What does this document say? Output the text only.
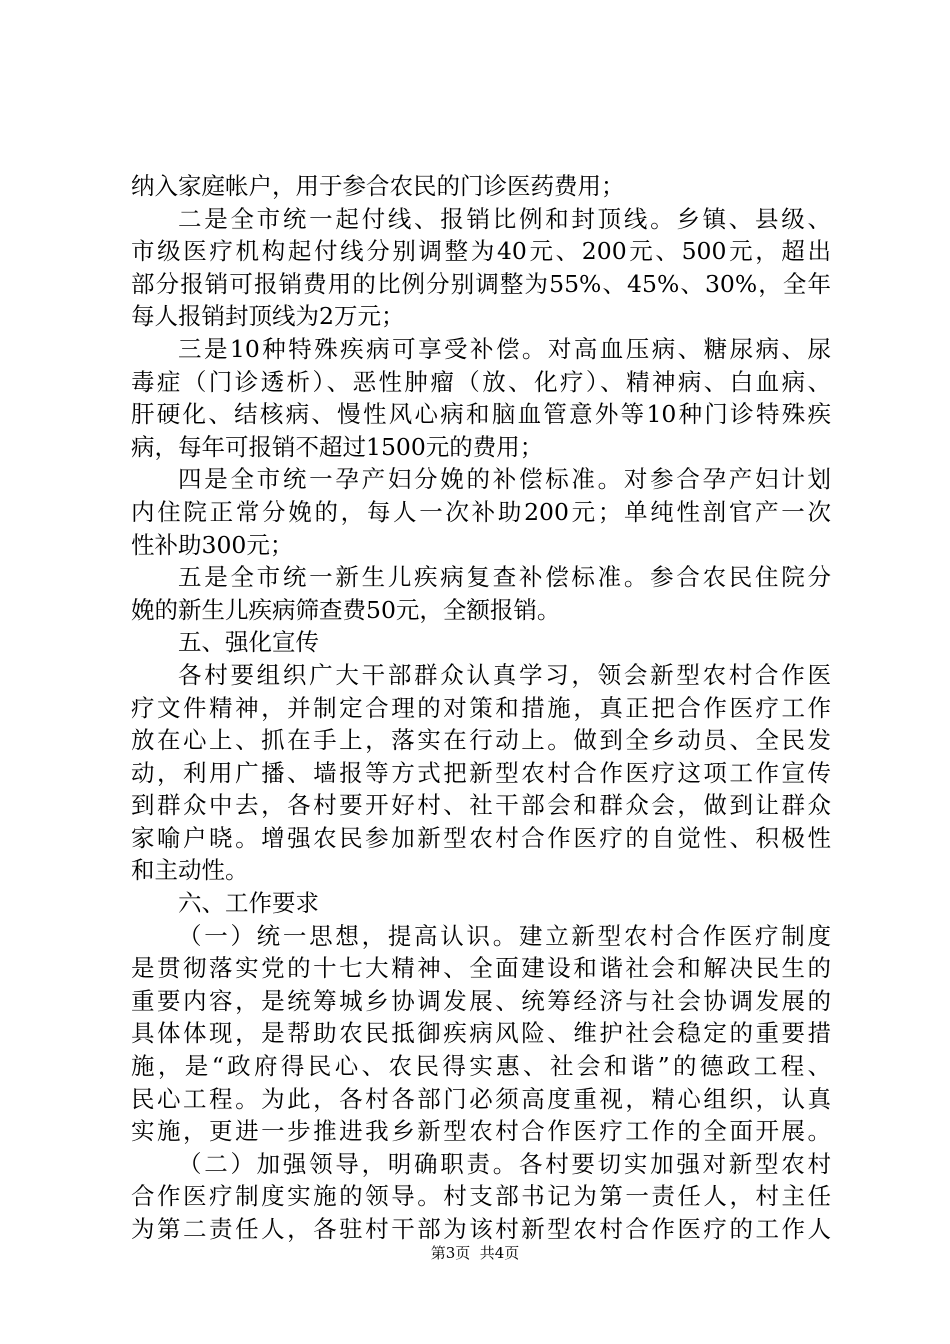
纳入家庭帐户，用于参合农民的门诊医药费用；
二是全市统一起付线、报销比例和封顶线。乡镇、县级、
市级医疗机构起付线分别调整为40元、200元、500元，超出
部分报销可报销费用的比例分别调整为55%、45%、30%，全年
每人报销封顶线为2万元；
三是10种特殊疾病可享受补偿。对高血压病、糖尿病、尿
毒症（门诊透析）、恶性肿瘤（放、化疗）、精神病、白血病、
肝硬化、结核病、慢性风心病和脑血管意外等10种门诊特殊疾
病，每年可报销不超过1500元的费用；
四是全市统一孕产妇分娩的补偿标准。对参合孕产妇计划
内住院正常分娩的，每人一次补助200元；单纯性剖官产一次
性补助300元；
五是全市统一新生儿疾病复查补偿标准。参合农民住院分
娩的新生儿疾病筛查费50元，全额报销。
五、强化宣传
各村要组织广大干部群众认真学习，领会新型农村合作医
疗文件精神，并制定合理的对策和措施，真正把合作医疗工作
放在心上、抓在手上，落实在行动上。做到全乡动员、全民发
动，利用广播、墙报等方式把新型农村合作医疗这项工作宣传
到群众中去，各村要开好村、社干部会和群众会，做到让群众
家喻户晓。增强农民参加新型农村合作医疗的自觉性、积极性
和主动性。
六、工作要求
（一）统一思想，提高认识。建立新型农村合作医疗制度
是贯彻落实党的十七大精神、全面建设和谐社会和解决民生的
重要内容，是统筹城乡协调发展、统筹经济与社会协调发展的
具体体现，是帮助农民抵御疾病风险、维护社会稳定的重要措
施，是“政府得民心、农民得实惠、社会和谐”的德政工程、
民心工程。为此，各村各部门必须高度重视，精心组织，认真
实施，更进一步推进我乡新型农村合作医疗工作的全面开展。
（二）加强领导，明确职责。各村要切实加强对新型农村
合作医疗制度实施的领导。村支部书记为第一责任人，村主任
为第二责任人，各驻村干部为该村新型农村合作医疗的工作人
第3页  共4页
